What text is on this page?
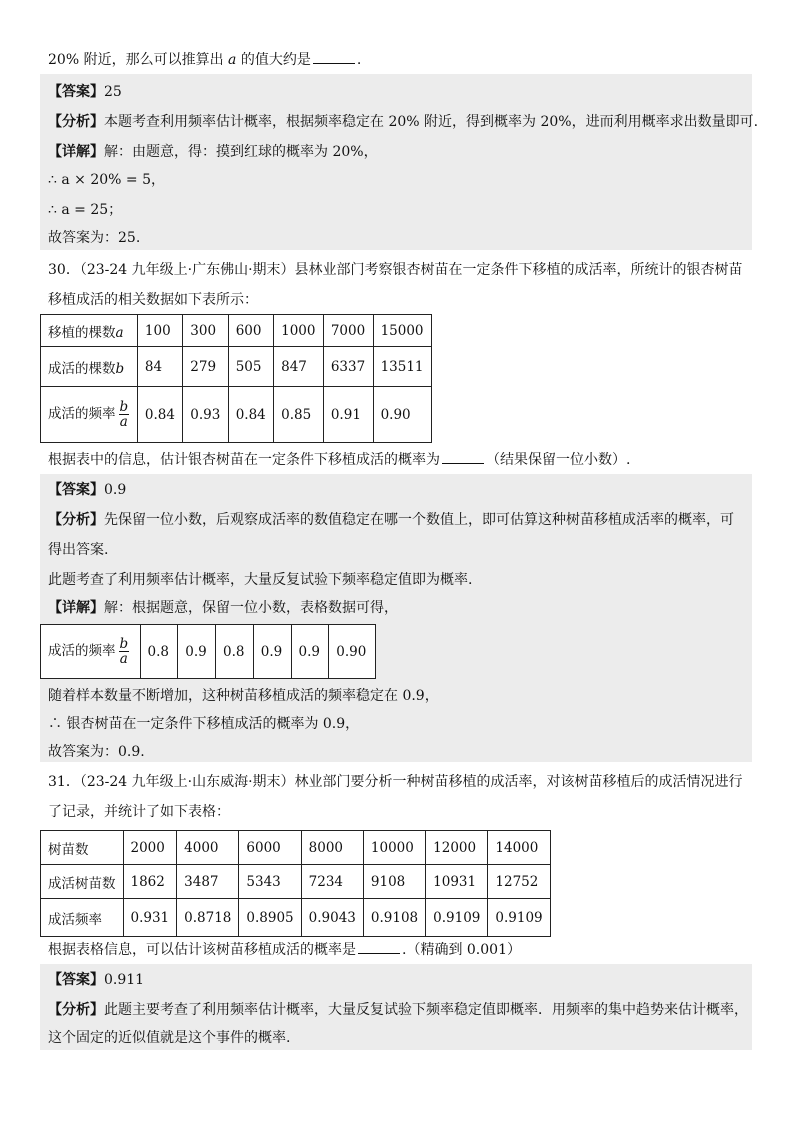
20% 附近，那么可以推算出 a 的值大约是	.
【答案】25
【分析】本题考查利用频率估计概率，根据频率稳定在 20% 附近，得到概率为 20%，进而利用概率求出数量即可.
【详解】解：由题意，得：摸到红球的概率为 20%，
∴ a × 20% = 5，
∴ a = 25；
故答案为：25.
30．（23-24 九年级上·广东佛山·期末）县林业部门考察银杏树苗在一定条件下移植的成活率，所统计的银杏树苗
移植成活的相关数据如下表所示：
移植的棵数a	100	300	600	1000	7000	15000
成活的棵数b	84	279	505	847	6337	13511
成活的频率 $\frac{b}{a}$	0.84	0.93	0.84	0.85	0.91	0.90
根据表中的信息，估计银杏树苗在一定条件下移植成活的概率为	（结果保留一位小数）.
【答案】0.9
【分析】先保留一位小数，后观察成活率的数值稳定在哪一个数值上，即可估算这种树苗移植成活率的概率，可
得出答案.
此题考查了利用频率估计概率，大量反复试验下频率稳定值即为概率.
【详解】解：根据题意，保留一位小数，表格数据可得，
成活的频率 $\frac{b}{a}$	0.8	0.9	0.8	0.9	0.9	0.90
随着样本数量不断增加，这种树苗移植成活的频率稳定在 0.9，
∴ 银杏树苗在一定条件下移植成活的概率为 0.9，
故答案为：0.9.
31．（23-24 九年级上·山东威海·期末）林业部门要分析一种树苗移植的成活率，对该树苗移植后的成活情况进行
了记录，并统计了如下表格：
树苗数	2000	4000	6000	8000	10000	12000	14000
成活树苗数	1862	3487	5343	7234	9108	10931	12752
成活频率	0.931	0.8718	0.8905	0.9043	0.9108	0.9109	0.9109
根据表格信息，可以估计该树苗移植成活的概率是	.（精确到 0.001）
【答案】0.911
【分析】此题主要考查了利用频率估计概率，大量反复试验下频率稳定值即概率．用频率的集中趋势来估计概率，
这个固定的近似值就是这个事件的概率.
